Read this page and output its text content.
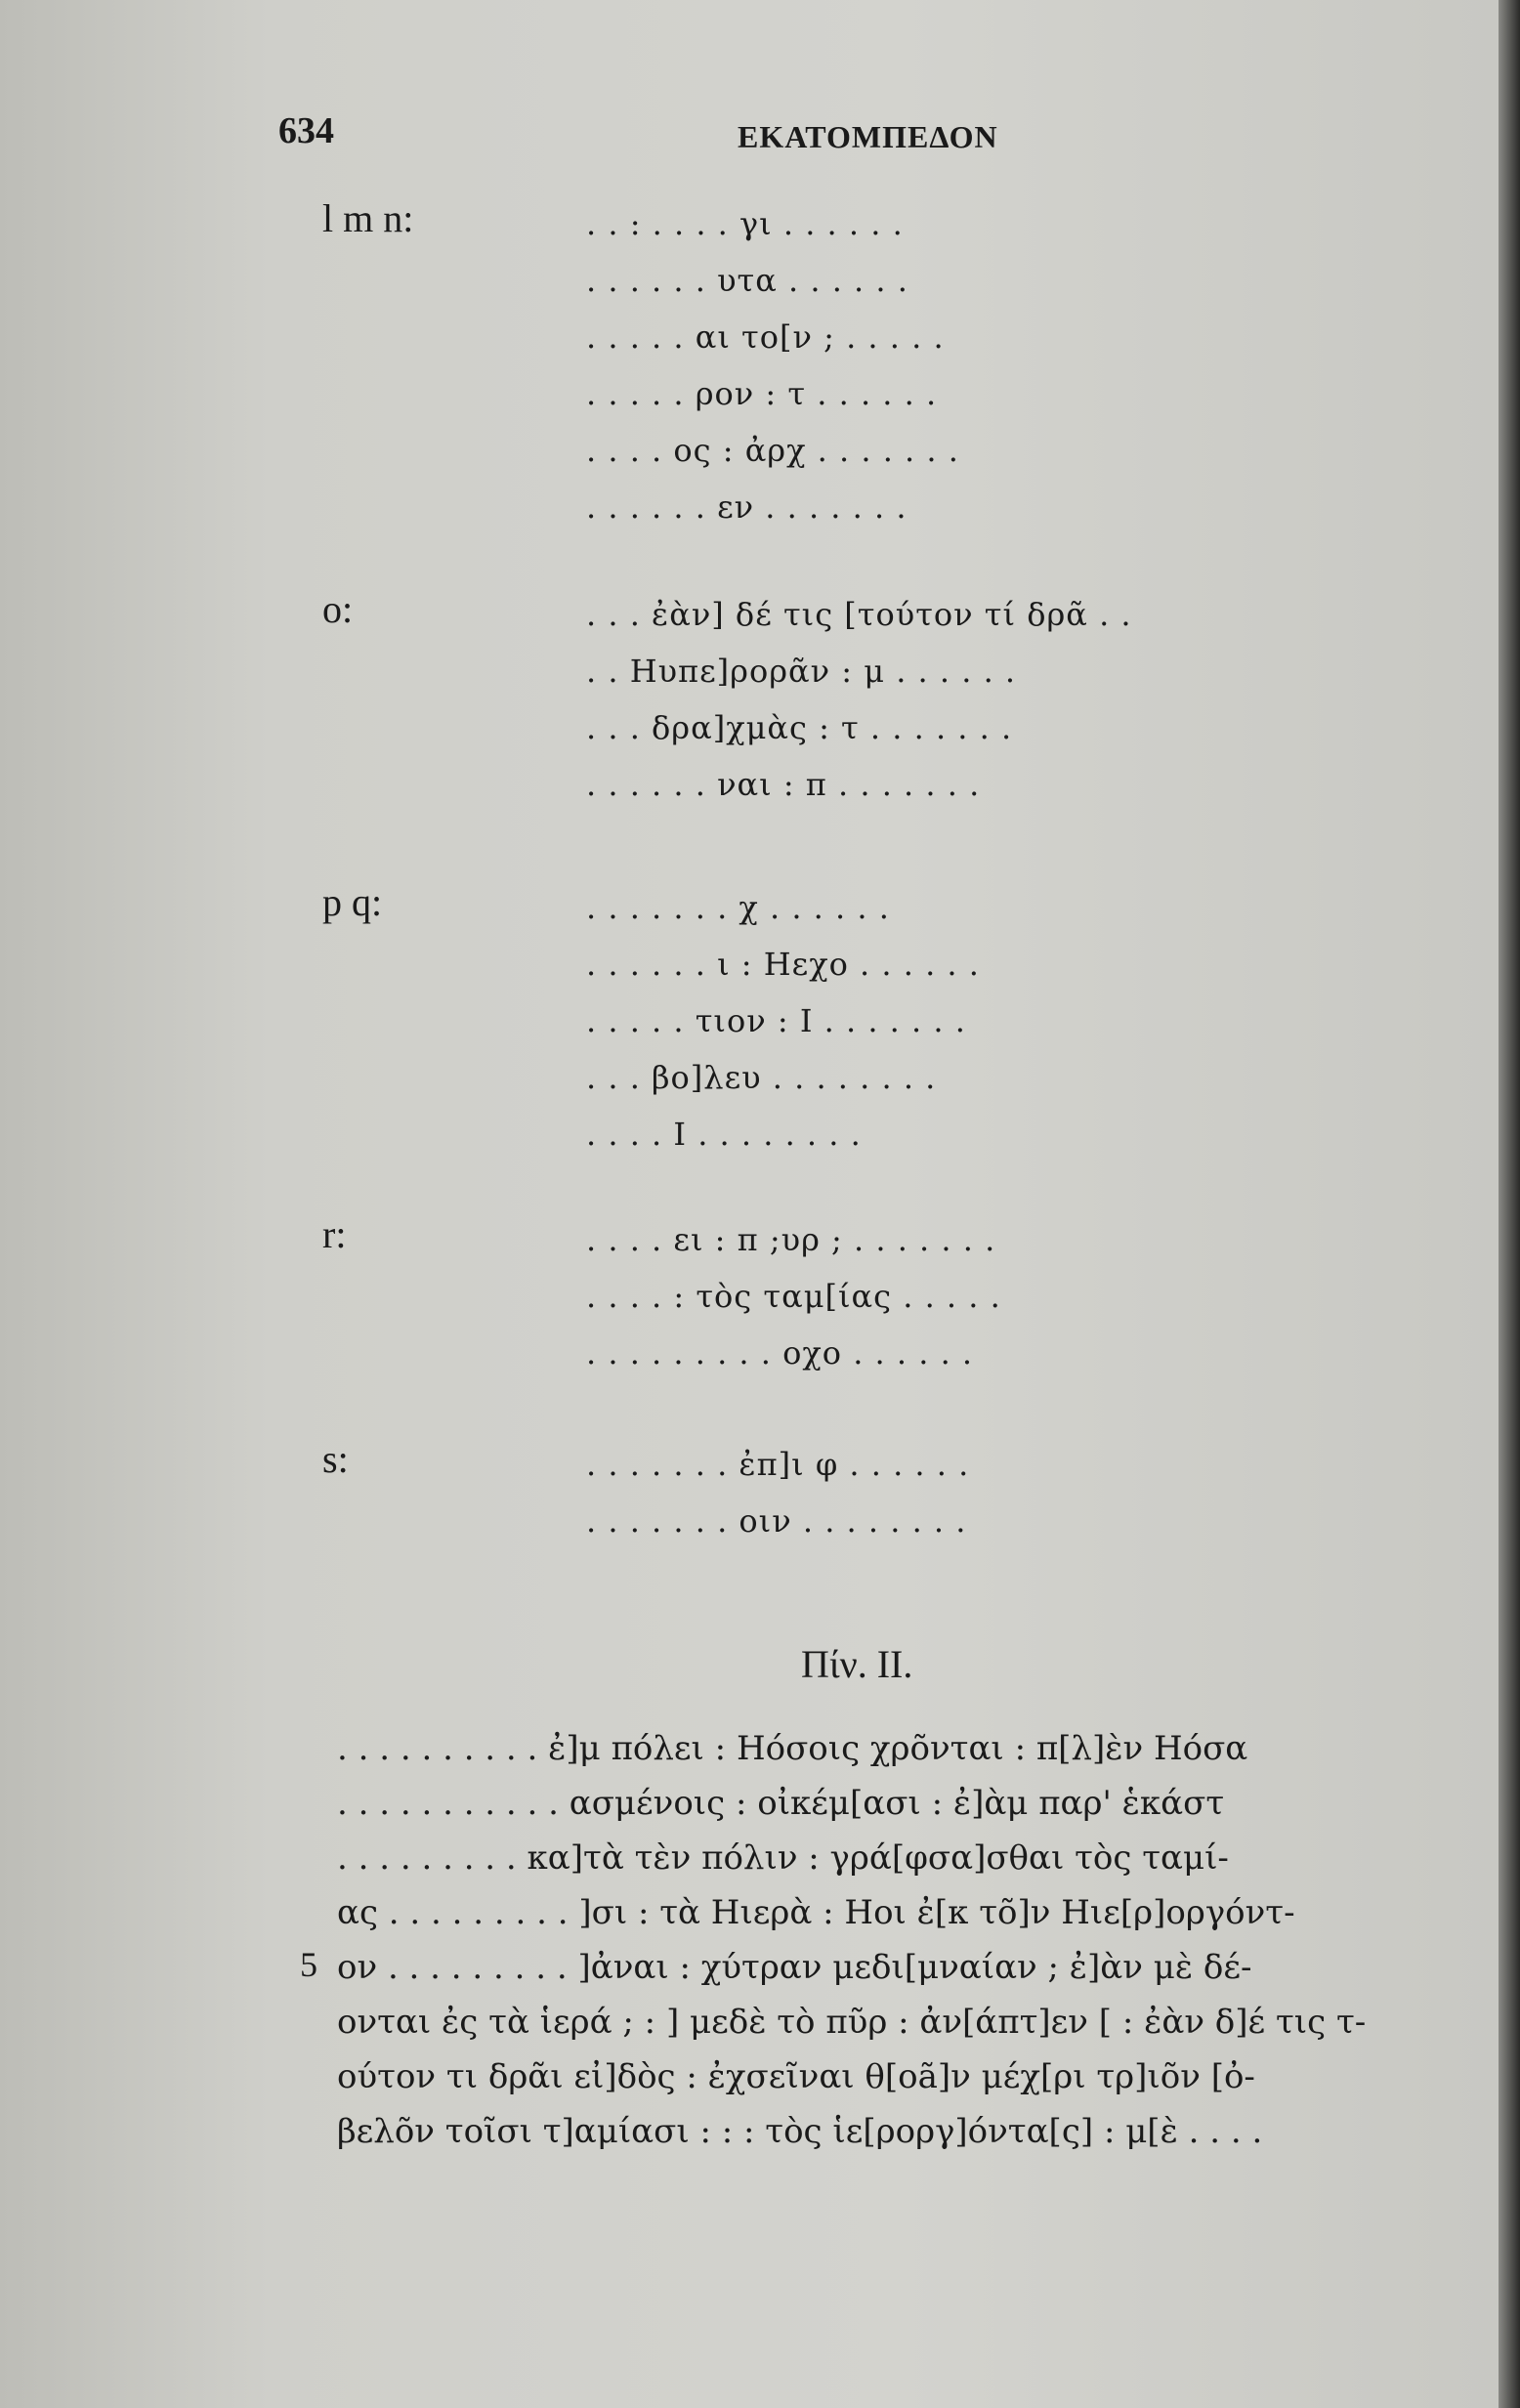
634	ΕΚΑΤΟΜΠΕΔΟΝ
l m n:	. . : . . . . γι . . . . . .
. . . . . . υτα . . . . . .
. . . . . αι το[ν ; . . . . .
. . . . . ρον : τ . . . . . .
. . . . ος : ἀρχ . . . . . . .
. . . . . . εν . . . . . . .
o:	. . . ἐὰν] δέ τις [τούτον τί δρᾶ . .
. . Ηυπε]ρορᾶν : μ . . . . . .
. . . δρα]χμὰς : τ . . . . . . .
. . . . . . ναι : π . . . . . . .
p q:	. . . . . . . χ . . . . . .
. . . . . . ι : Ηεχο . . . . . .
. . . . . τιον : Ι . . . . . . .
. . . βο]λευ . . . . . . . .
. . . . Ι . . . . . . . .
r:	. . . . ει : π ;υρ ; . . . . . . .
. . . . : τὸς ταμ[ίας . . . . .
. . . . . . . . . οχο . . . . . .
s:	. . . . . . . ἐπ]ι φ . . . . . .
. . . . . . . οιν . . . . . . . .
Πίν. ΙΙ.
. . . . . . . . . . ἐ]μ πόλει : Hόσοις χρõνται : π[λ]ὲν Hόσα
. . . . . . . . . . . ασμένοις : οἰκέμ[ασι : ἐ]ὰμ παρ' ἑκάστ
. . . . . . . . . κα]τὰ τὲν πόλιν : γρά[φσα]σθαι τὸς ταμί-
ας . . . . . . . . . ]σι : τὰ Hιερὰ : Hοι ἐ[κ τõ]ν Hιε[ρ]οργόντ-
5 ον . . . . . . . . . ]ἀναι : χύτραν μεδι[μναίαν ; ἐ]ὰν μὲ δέ-
ονται ἐς τὰ ἱερά ; : ] μεδὲ τὸ πῦρ : ἀν[άπτ]εν [ : ἐὰν δ]έ τις τ-
ούτον τι δρᾶι εἰ]δὸς : ἐχσεῖναι θ[οã]ν μέχ[ρι τρ]ιõν [ὀ-
βελõν τοῖσι τ]αμίασι : : : τὸς ἱε[ρoργ]όντα[ς] : μ[ὲ . . . .
